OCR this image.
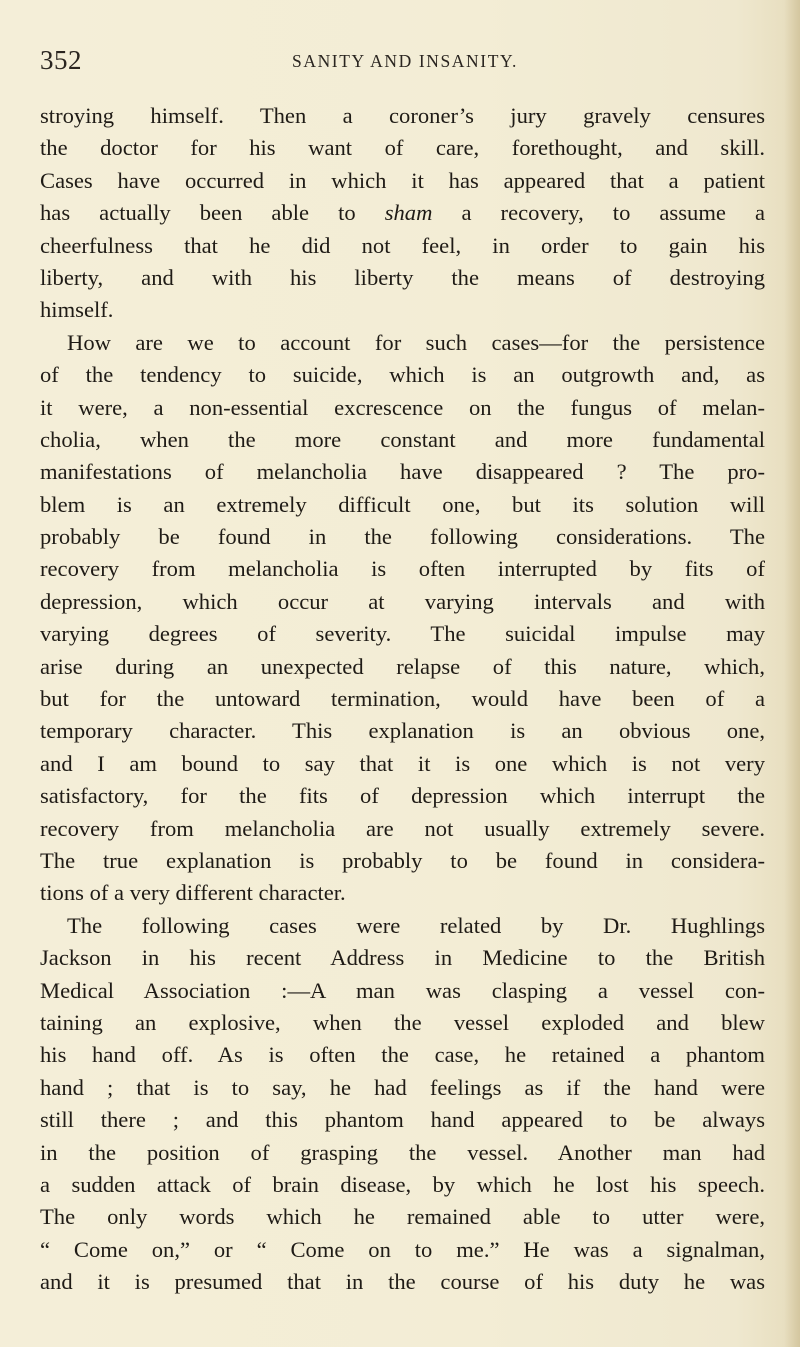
352	SANITY AND INSANITY.
stroying himself. Then a coroner’s jury gravely censures
the doctor for his want of care, forethought, and skill.
Cases have occurred in which it has appeared that a patient
has actually been able to sham a recovery, to assume a
cheerfulness that he did not feel, in order to gain his
liberty, and with his liberty the means of destroying
himself.
How are we to account for such cases—for the persistence
of the tendency to suicide, which is an outgrowth and, as
it were, a non-essential excrescence on the fungus of melan-
cholia, when the more constant and more fundamental
manifestations of melancholia have disappeared ? The pro-
blem is an extremely difficult one, but its solution will
probably be found in the following considerations. The
recovery from melancholia is often interrupted by fits of
depression, which occur at varying intervals and with
varying degrees of severity. The suicidal impulse may
arise during an unexpected relapse of this nature, which,
but for the untoward termination, would have been of a
temporary character. This explanation is an obvious one,
and I am bound to say that it is one which is not very
satisfactory, for the fits of depression which interrupt the
recovery from melancholia are not usually extremely severe.
The true explanation is probably to be found in considera-
tions of a very different character.
The following cases were related by Dr. Hughlings
Jackson in his recent Address in Medicine to the British
Medical Association :—A man was clasping a vessel con-
taining an explosive, when the vessel exploded and blew
his hand off. As is often the case, he retained a phantom
hand ; that is to say, he had feelings as if the hand were
still there ; and this phantom hand appeared to be always
in the position of grasping the vessel. Another man had
a sudden attack of brain disease, by which he lost his speech.
The only words which he remained able to utter were,
“ Come on,” or “ Come on to me.” He was a signalman,
and it is presumed that in the course of his duty he was
